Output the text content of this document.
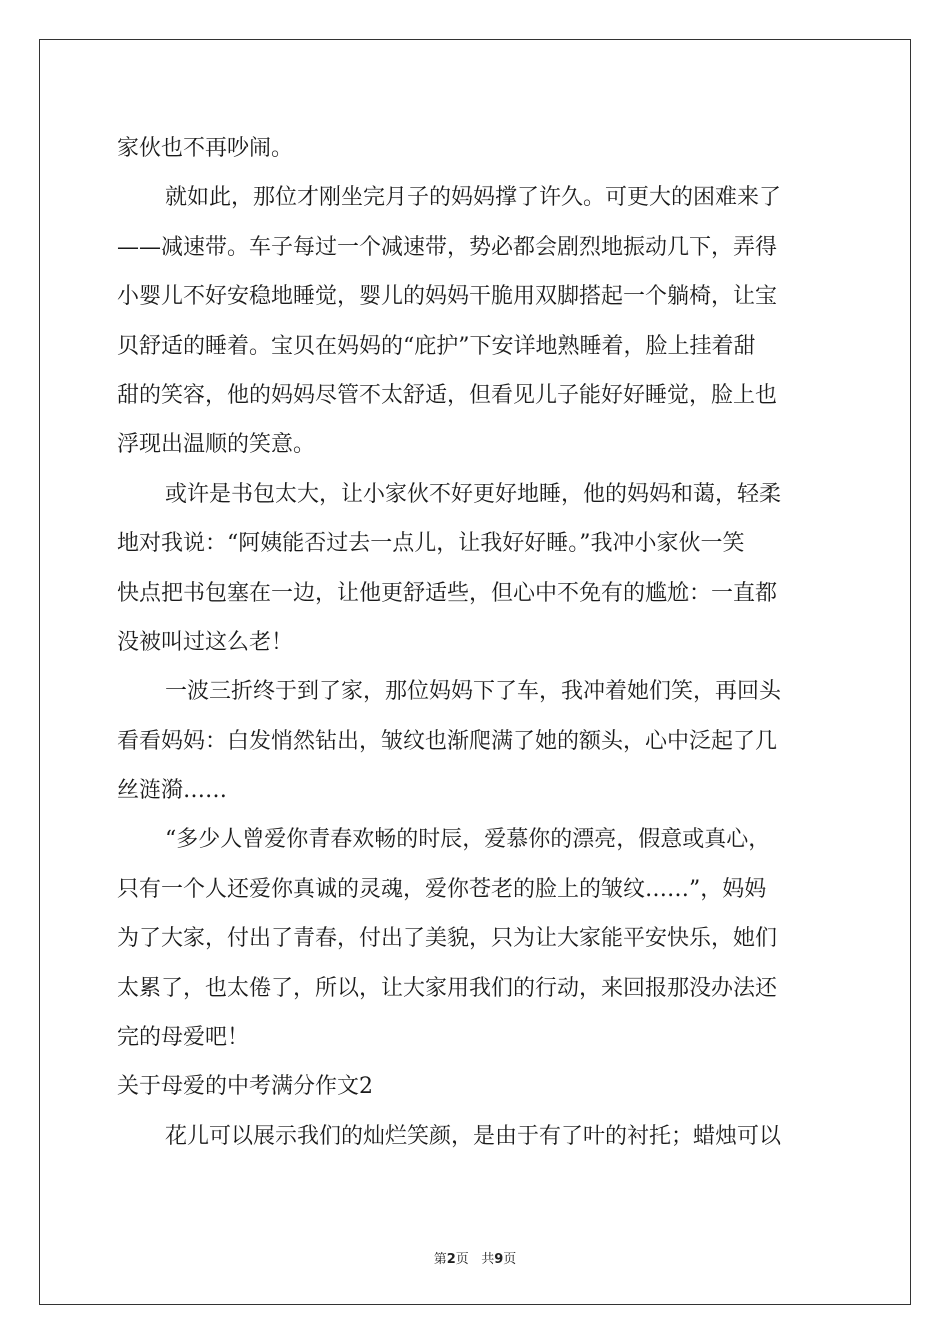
家伙也不再吵闹。
就如此，那位才刚坐完月子的妈妈撑了许久。可更大的困难来了
——减速带。车子每过一个减速带，势必都会剧烈地振动几下，弄得
小婴儿不好安稳地睡觉，婴儿的妈妈干脆用双脚搭起一个躺椅，让宝
贝舒适的睡着。宝贝在妈妈的“庇护”下安详地熟睡着，脸上挂着甜
甜的笑容，他的妈妈尽管不太舒适，但看见儿子能好好睡觉，脸上也
浮现出温顺的笑意。
或许是书包太大，让小家伙不好更好地睡，他的妈妈和蔼，轻柔
地对我说：“阿姨能否过去一点儿，让我好好睡。”我冲小家伙一笑
快点把书包塞在一边，让他更舒适些，但心中不免有的尴尬：一直都
没被叫过这么老！
一波三折终于到了家，那位妈妈下了车，我冲着她们笑，再回头
看看妈妈：白发悄然钻出，皱纹也渐爬满了她的额头，心中泛起了几
丝涟漪……
“多少人曾爱你青春欢畅的时辰，爱慕你的漂亮，假意或真心，
只有一个人还爱你真诚的灵魂，爱你苍老的脸上的皱纹……”，妈妈
为了大家，付出了青春，付出了美貌，只为让大家能平安快乐，她们
太累了，也太倦了，所以，让大家用我们的行动，来回报那没办法还
完的母爱吧！
关于母爱的中考满分作文2
花儿可以展示我们的灿烂笑颜，是由于有了叶的衬托；蜡烛可以
第2页 共9页
